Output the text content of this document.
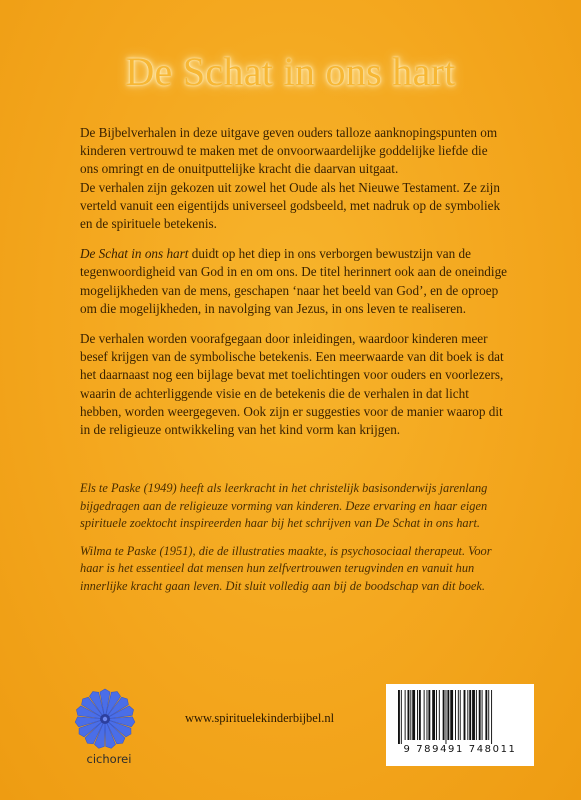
De Schat in ons hart

De Bijbelverhalen in deze uitgave geven ouders talloze aanknopingspunten om kinderen vertrouwd te maken met de onvoorwaardelijke goddelijke liefde die ons omringt en de onuitputtelijke kracht die daarvan uitgaat.

De verhalen zijn gekozen uit zowel het Oude als het Nieuwe Testament. Ze zijn verteld vanuit een eigentijds universeel godsbeeld, met nadruk op de symboliek en de spirituele betekenis.

De Schat in ons hart duidt op het diep in ons verborgen bewustzijn van de tegenwoordigheid van God in en om ons. De titel herinnert ook aan de oneindige mogelijkheden van de mens, geschapen ‘naar het beeld van God’, en de oproep om die mogelijkheden, in navolging van Jezus, in ons leven te realiseren.

De verhalen worden voorafgegaan door inleidingen, waardoor kinderen meer besef krijgen van de symbolische betekenis. Een meerwaarde van dit boek is dat het daarnaast nog een bijlage bevat met toelichtingen voor ouders en voorlezers, waarin de achterliggende visie en de betekenis die de verhalen in dat licht hebben, worden weergegeven. Ook zijn er suggesties voor de manier waarop dit in de religieuze ontwikkeling van het kind vorm kan krijgen.

Els te Paske (1949) heeft als leerkracht in het christelijk basisonderwijs jarenlang bijgedragen aan de religieuze vorming van kinderen. Deze ervaring en haar eigen spirituele zoektocht inspireerden haar bij het schrijven van De Schat in ons hart.

Wilma te Paske (1951), die de illustraties maakte, is psychosociaal therapeut. Voor haar is het essentieel dat mensen hun zelfvertrouwen terugvinden en vanuit hun innerlijke kracht gaan leven. Dit sluit volledig aan bij de boodschap van dit boek.

cichorei
www.spirituelekinderbijbel.nl
9 789491 748011
